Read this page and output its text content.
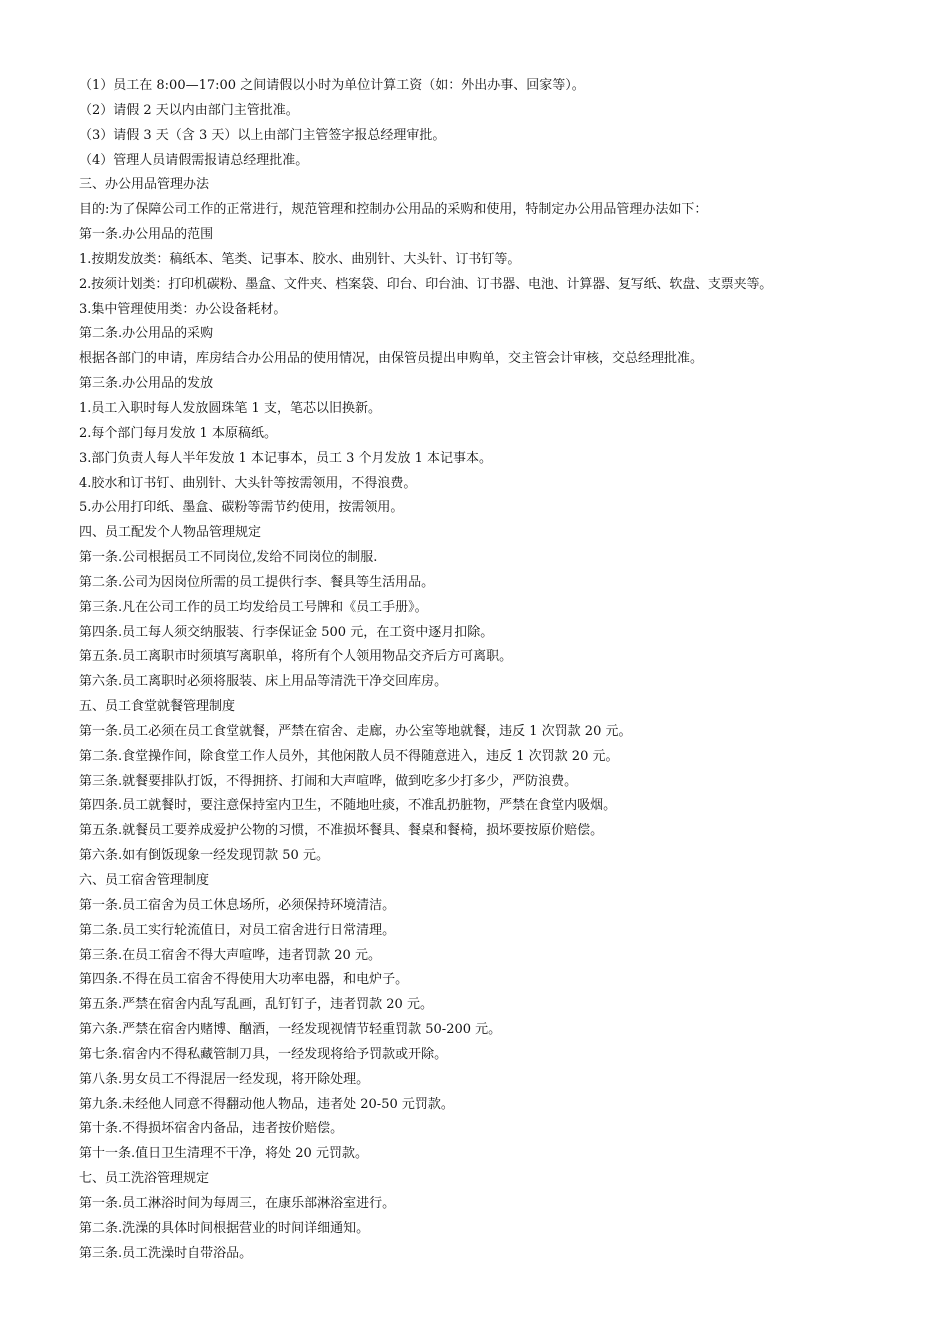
（1）员工在 8:00—17:00 之间请假以小时为单位计算工资（如：外出办事、回家等）。
（2）请假 2 天以内由部门主管批准。
（3）请假 3 天（含 3 天）以上由部门主管签字报总经理审批。
（4）管理人员请假需报请总经理批准。
三、办公用品管理办法
目的:为了保障公司工作的正常进行，规范管理和控制办公用品的采购和使用，特制定办公用品管理办法如下：
第一条.办公用品的范围
1.按期发放类：稿纸本、笔类、记事本、胶水、曲别针、大头针、订书钉等。
2.按须计划类：打印机碳粉、墨盒、文件夹、档案袋、印台、印台油、订书器、电池、计算器、复写纸、软盘、支票夹等。
3.集中管理使用类：办公设备耗材。
第二条.办公用品的采购
根据各部门的申请，库房结合办公用品的使用情况，由保管员提出申购单，交主管会计审核，交总经理批准。
第三条.办公用品的发放
1.员工入职时每人发放圆珠笔 1 支，笔芯以旧换新。
2.每个部门每月发放 1 本原稿纸。
3.部门负责人每人半年发放 1 本记事本，员工 3 个月发放 1 本记事本。
4.胶水和订书钉、曲别针、大头针等按需领用，不得浪费。
5.办公用打印纸、墨盒、碳粉等需节约使用，按需领用。
四、员工配发个人物品管理规定
第一条.公司根据员工不同岗位,发给不同岗位的制服.
第二条.公司为因岗位所需的员工提供行李、餐具等生活用品。
第三条.凡在公司工作的员工均发给员工号牌和《员工手册》。
第四条.员工每人须交纳服装、行李保证金 500 元，在工资中逐月扣除。
第五条.员工离职市时须填写离职单，将所有个人领用物品交齐后方可离职。
第六条.员工离职时必须将服装、床上用品等清洗干净交回库房。
五、员工食堂就餐管理制度
第一条.员工必须在员工食堂就餐，严禁在宿舍、走廊，办公室等地就餐，违反 1 次罚款 20 元。
第二条.食堂操作间，除食堂工作人员外，其他闲散人员不得随意进入，违反 1 次罚款 20 元。
第三条.就餐要排队打饭，不得拥挤、打闹和大声喧哗，做到吃多少打多少，严防浪费。
第四条.员工就餐时，要注意保持室内卫生，不随地吐痰，不准乱扔脏物，严禁在食堂内吸烟。
第五条.就餐员工要养成爱护公物的习惯，不准损坏餐具、餐桌和餐椅，损坏要按原价赔偿。
第六条.如有倒饭现象一经发现罚款 50 元。
六、员工宿舍管理制度
第一条.员工宿舍为员工休息场所，必须保持环境清洁。
第二条.员工实行轮流值日，对员工宿舍进行日常清理。
第三条.在员工宿舍不得大声喧哗，违者罚款 20 元。
第四条.不得在员工宿舍不得使用大功率电器，和电炉子。
第五条.严禁在宿舍内乱写乱画，乱钉钉子，违者罚款 20 元。
第六条.严禁在宿舍内赌博、酗酒，一经发现视情节轻重罚款 50-200 元。
第七条.宿舍内不得私藏管制刀具，一经发现将给予罚款或开除。
第八条.男女员工不得混居一经发现，将开除处理。
第九条.未经他人同意不得翻动他人物品，违者处 20-50 元罚款。
第十条.不得损坏宿舍内备品，违者按价赔偿。
第十一条.值日卫生清理不干净，将处 20 元罚款。
七、员工洗浴管理规定
第一条.员工淋浴时间为每周三，在康乐部淋浴室进行。
第二条.洗澡的具体时间根据营业的时间详细通知。
第三条.员工洗澡时自带浴品。
